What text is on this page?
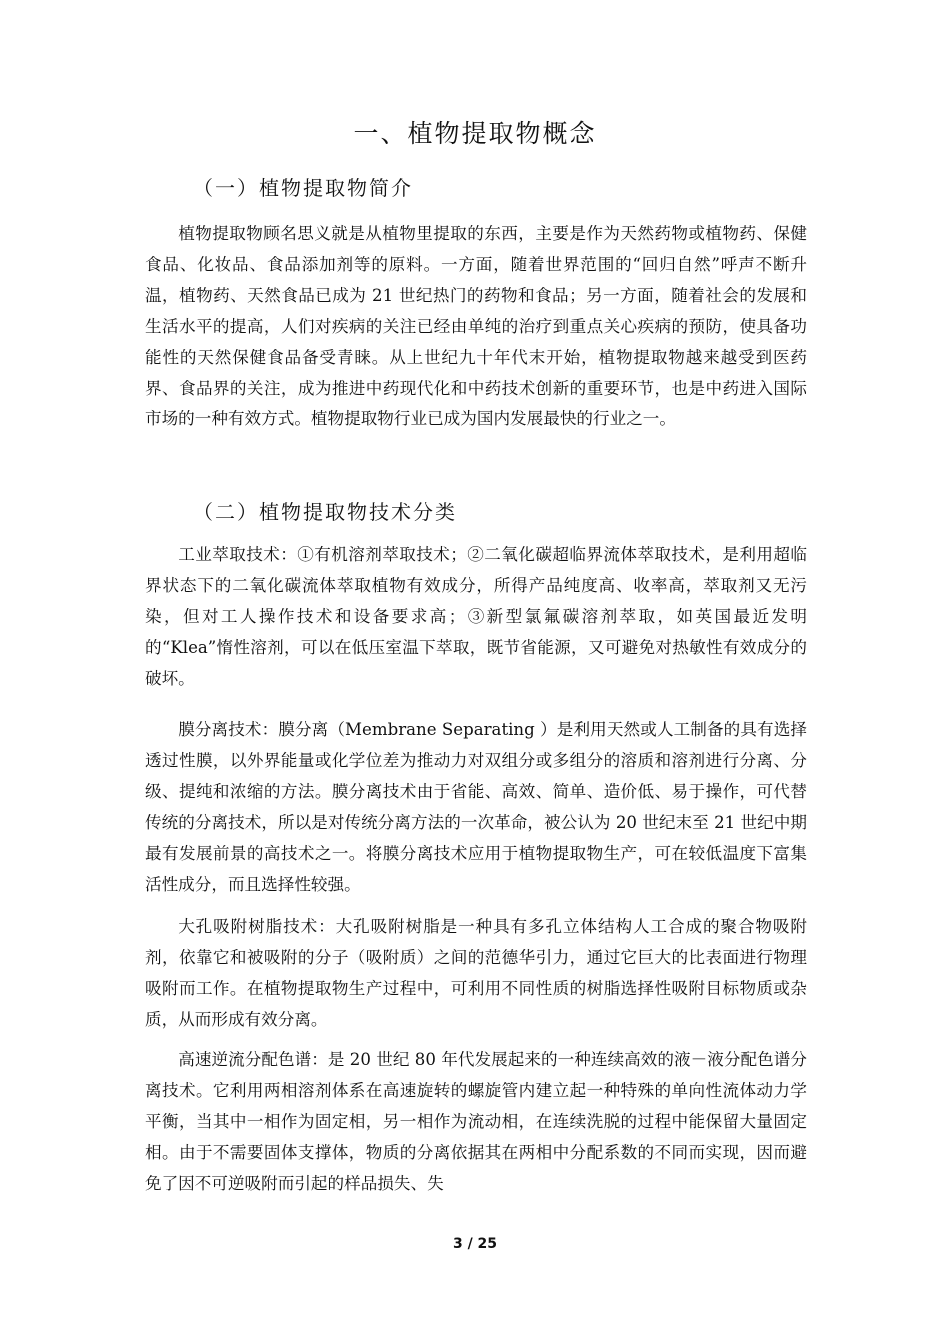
一、植物提取物概念
（一）植物提取物简介

植物提取物顾名思义就是从植物里提取的东西，主要是作为天然药物或植物药、保健食品、化妆品、食品添加剂等的原料。一方面，随着世界范围的“回归自然”呼声不断升温，植物药、天然食品已成为 21 世纪热门的药物和食品；另一方面，随着社会的发展和生活水平的提高，人们对疾病的关注已经由单纯的治疗到重点关心疾病的预防，使具备功能性的天然保健食品备受青睐。从上世纪九十年代末开始，植物提取物越来越受到医药界、食品界的关注，成为推进中药现代化和中药技术创新的重要环节，也是中药进入国际市场的一种有效方式。植物提取物行业已成为国内发展最快的行业之一。

（二）植物提取物技术分类

工业萃取技术：①有机溶剂萃取技术；②二氧化碳超临界流体萃取技术，是利用超临界状态下的二氧化碳流体萃取植物有效成分，所得产品纯度高、收率高，萃取剂又无污染，但对工人操作技术和设备要求高；③新型氯氟碳溶剂萃取，如英国最近发明的“Klea”惰性溶剂，可以在低压室温下萃取，既节省能源，又可避免对热敏性有效成分的破坏。

膜分离技术：膜分离（Membrane Separating ）是利用天然或人工制备的具有选择透过性膜，以外界能量或化学位差为推动力对双组分或多组分的溶质和溶剂进行分离、分级、提纯和浓缩的方法。膜分离技术由于省能、高效、简单、造价低、易于操作，可代替传统的分离技术，所以是对传统分离方法的一次革命，被公认为 20 世纪末至 21 世纪中期最有发展前景的高技术之一。将膜分离技术应用于植物提取物生产，可在较低温度下富集活性成分，而且选择性较强。

大孔吸附树脂技术：大孔吸附树脂是一种具有多孔立体结构人工合成的聚合物吸附剂，依靠它和被吸附的分子（吸附质）之间的范德华引力，通过它巨大的比表面进行物理吸附而工作。在植物提取物生产过程中，可利用不同性质的树脂选择性吸附目标物质或杂质，从而形成有效分离。

高速逆流分配色谱：是 20 世纪 80 年代发展起来的一种连续高效的液－液分配色谱分离技术。它利用两相溶剂体系在高速旋转的螺旋管内建立起一种特殊的单向性流体动力学平衡，当其中一相作为固定相，另一相作为流动相，在连续洗脱的过程中能保留大量固定相。由于不需要固体支撑体，物质的分离依据其在两相中分配系数的不同而实现，因而避免了因不可逆吸附而引起的样品损失、失

3 / 25
